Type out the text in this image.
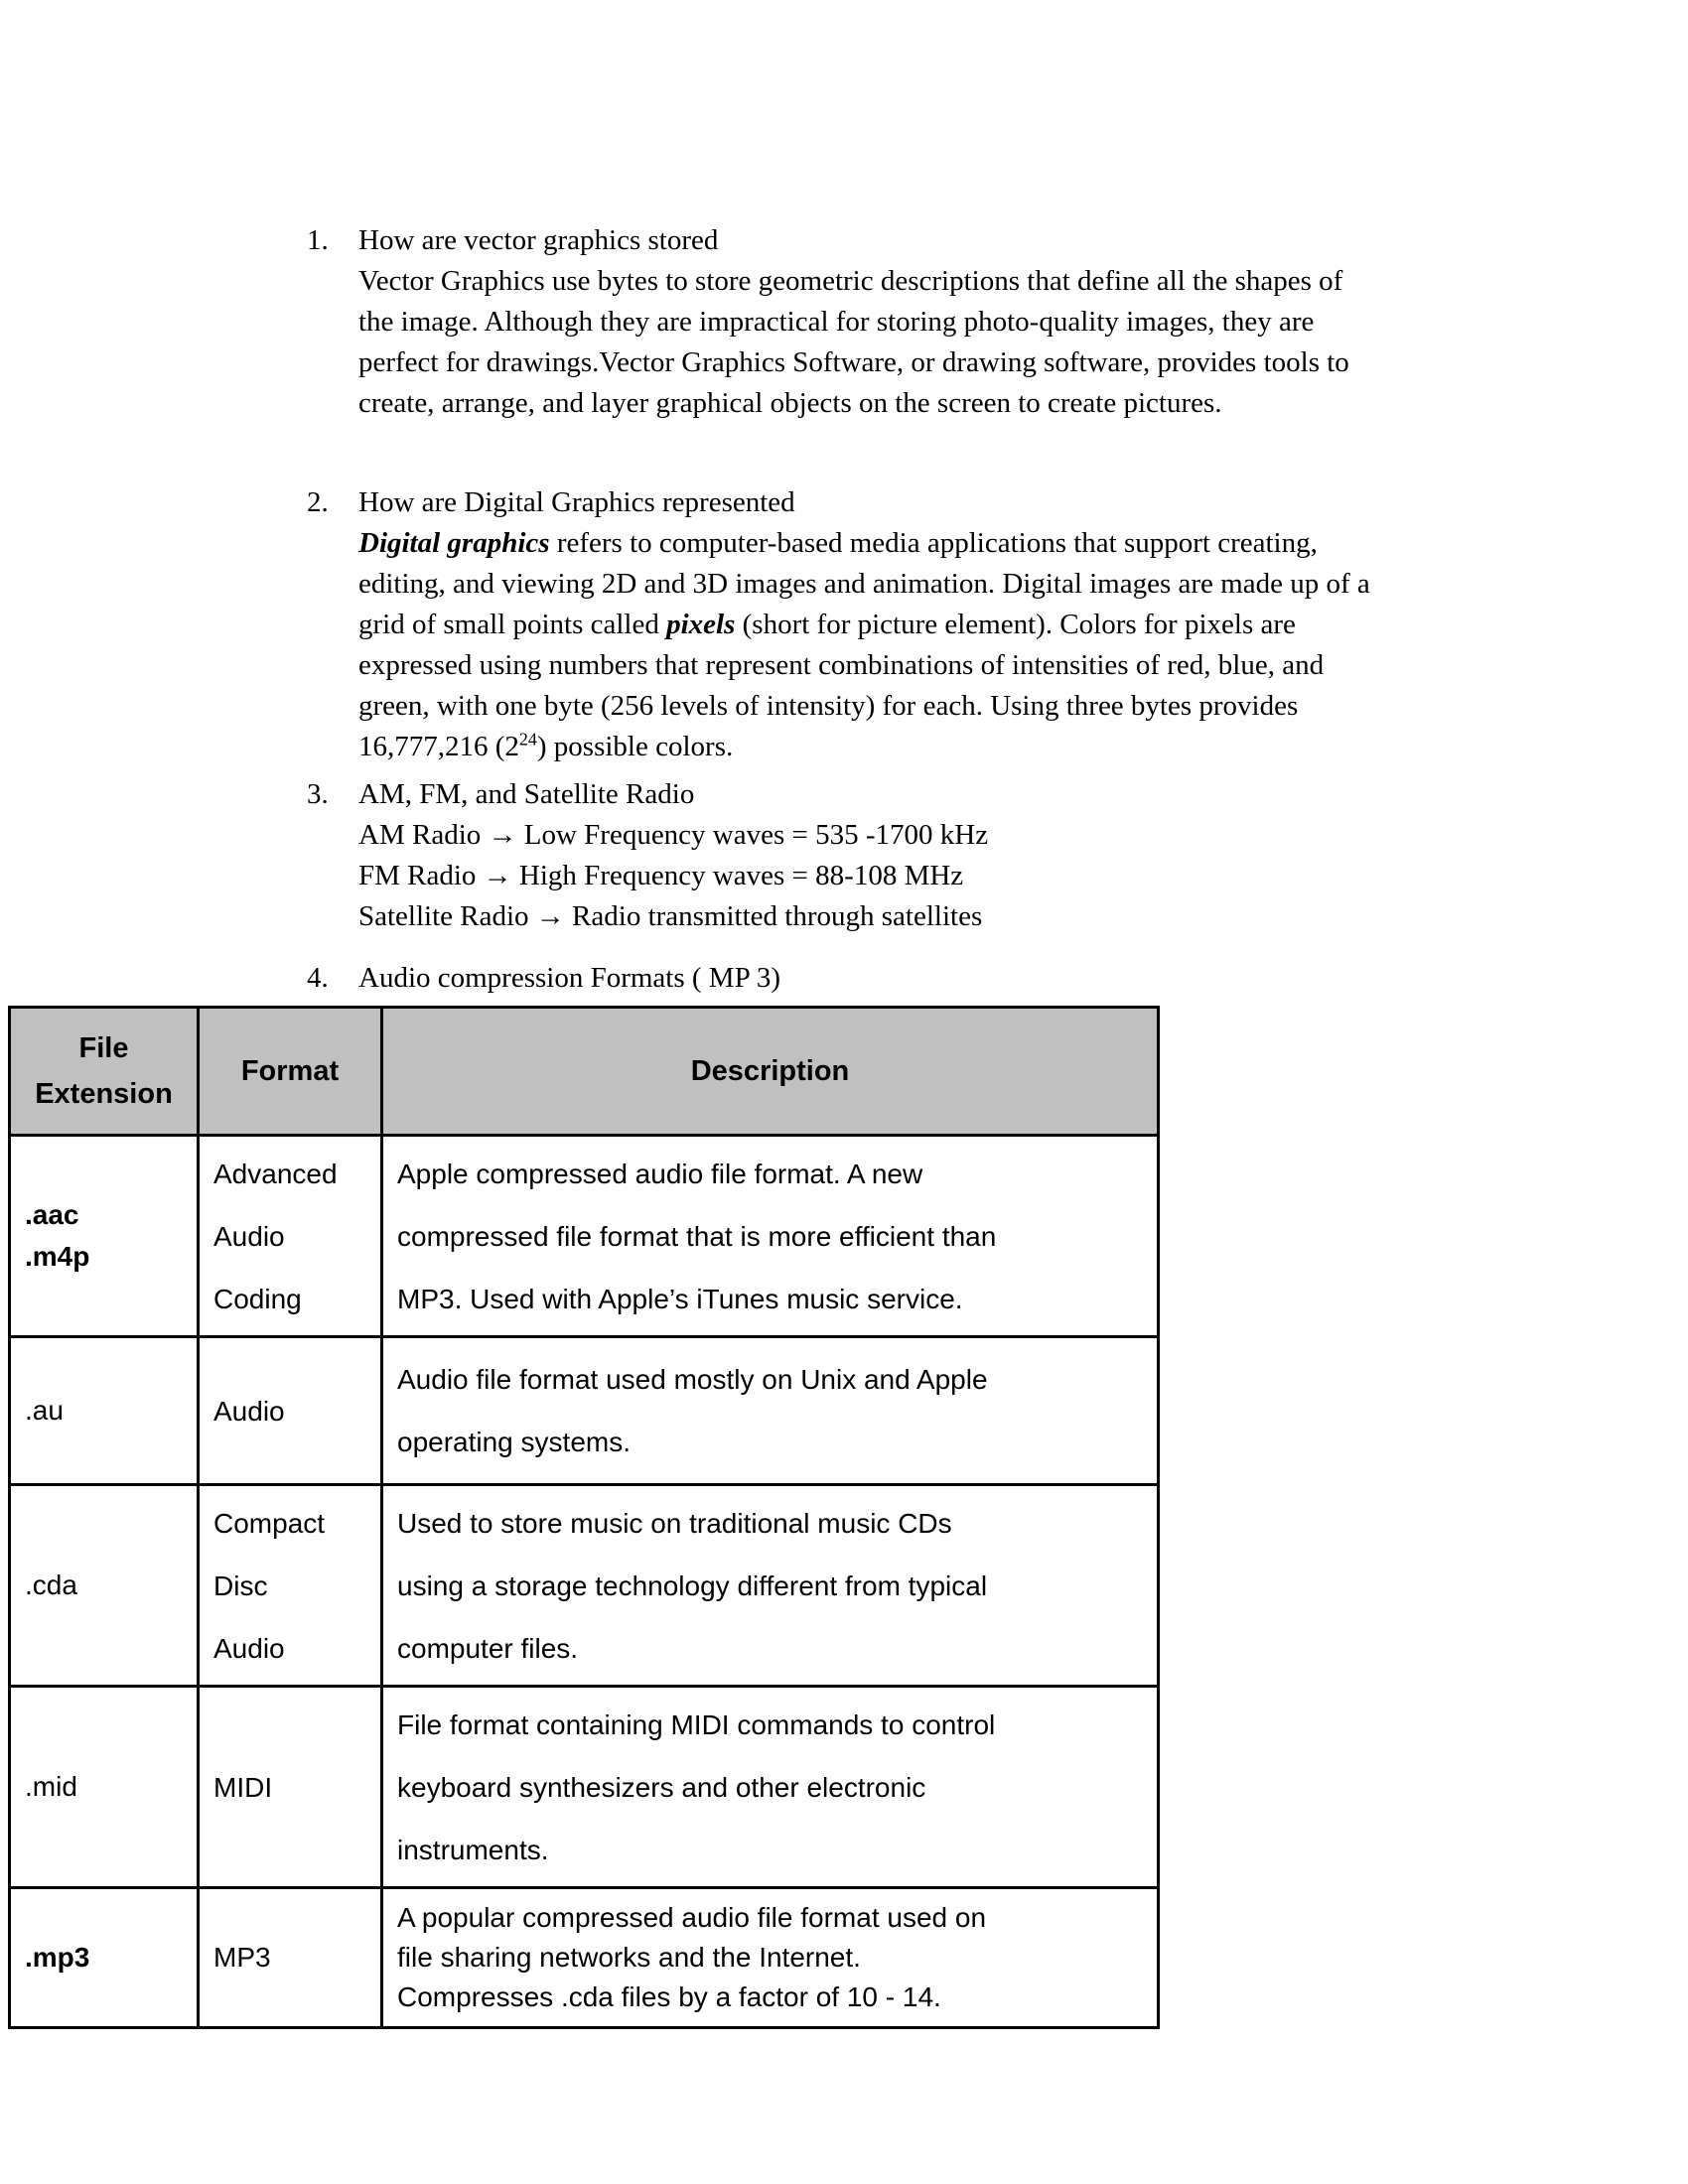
1.	How are vector graphics stored
Vector Graphics use bytes to store geometric descriptions that define all the shapes of the image. Although they are impractical for storing photo-quality images, they are perfect for drawings.Vector Graphics Software, or drawing software, provides tools to create, arrange, and layer graphical objects on the screen to create pictures.
2.	How are Digital Graphics represented

Digital graphics refers to computer-based media applications that support creating, editing, and viewing 2D and 3D images and animation. Digital images are made up of a grid of small points called pixels (short for picture element). Colors for pixels are expressed using numbers that represent combinations of intensities of red, blue, and green, with one byte (256 levels of intensity) for each. Using three bytes provides 16,777,216 $(2^{24})$ possible colors.

3.	AM, FM, and Satellite Radio

AM Radio → Low Frequency waves = 535 -1700 kHz

FM Radio → High Frequency waves = 88-108 MHz

Satellite Radio → Radio transmitted through satellites

4.	Audio compression Formats ( MP 3)
File
Extension	Format	Description

.aac
.m4p	Advanced
Audio
Coding	Apple compressed audio file format. A new
compressed file format that is more efficient than
MP3. Used with Apple’s iTunes music service.

.au	Audio	Audio file format used mostly on Unix and Apple
operating systems.

.cda	Compact
Disc
Audio	Used to store music on traditional music CDs
using a storage technology different from typical
computer files.

.mid	MIDI	File format containing MIDI commands to control
keyboard synthesizers and other electronic
instruments.

.mp3	MP3	A popular compressed audio file format used on
file sharing networks and the Internet.
Compresses .cda files by a factor of 10 - 14.
